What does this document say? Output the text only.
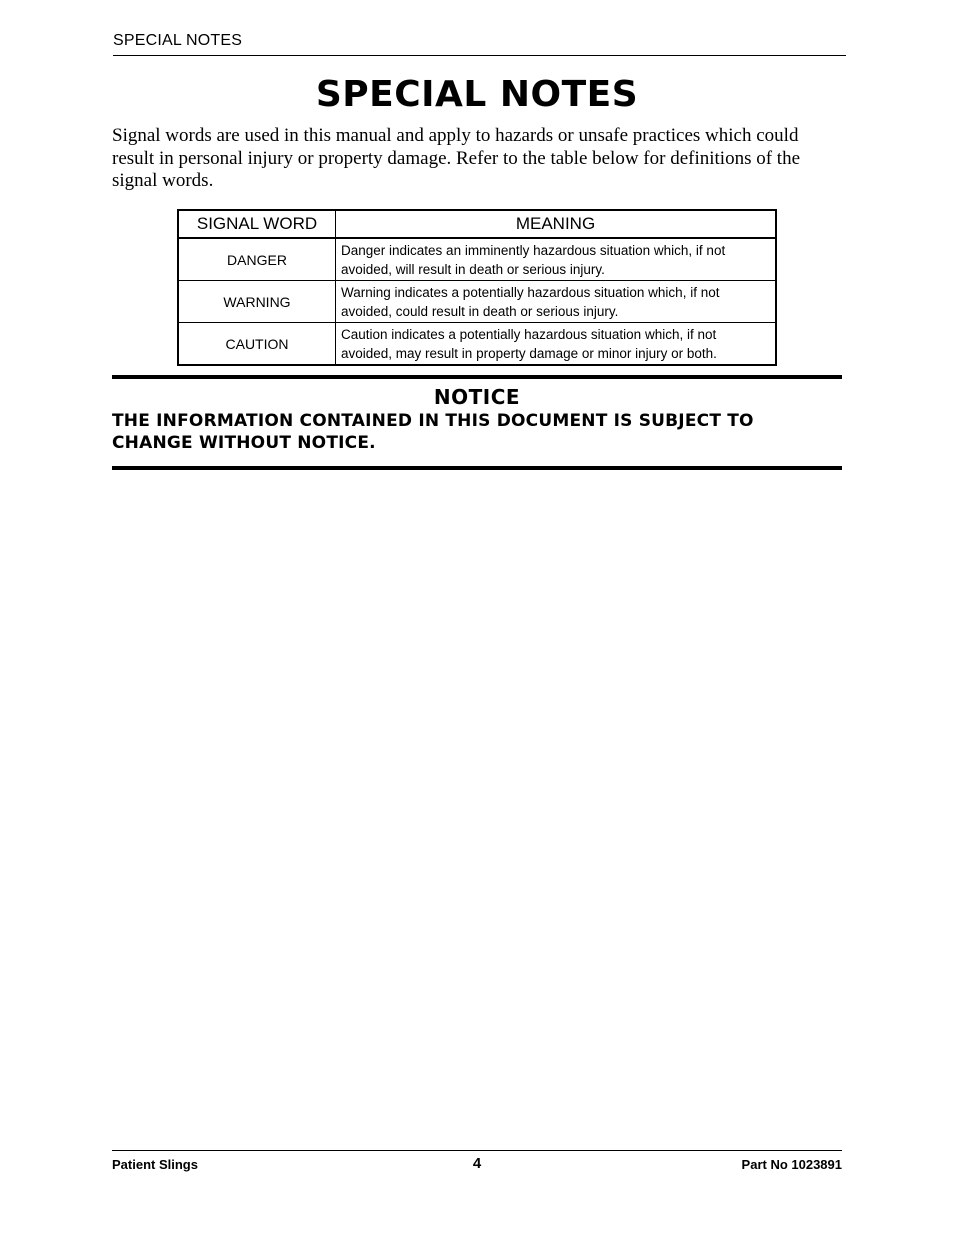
SPECIAL NOTES
SPECIAL NOTES

Signal words are used in this manual and apply to hazards or unsafe practices which could result in personal injury or property damage. Refer to the table below for definitions of the signal words.

SIGNAL WORD	MEANING
DANGER	Danger indicates an imminently hazardous situation which, if not avoided, will result in death or serious injury.
WARNING	Warning indicates a potentially hazardous situation which, if not avoided, could result in death or serious injury.
CAUTION	Caution indicates a potentially hazardous situation which, if not avoided, may result in property damage or minor injury or both.
NOTICE
THE INFORMATION CONTAINED IN THIS DOCUMENT IS SUBJECT TO CHANGE WITHOUT NOTICE.
Patient Slings	4	Part No 1023891
